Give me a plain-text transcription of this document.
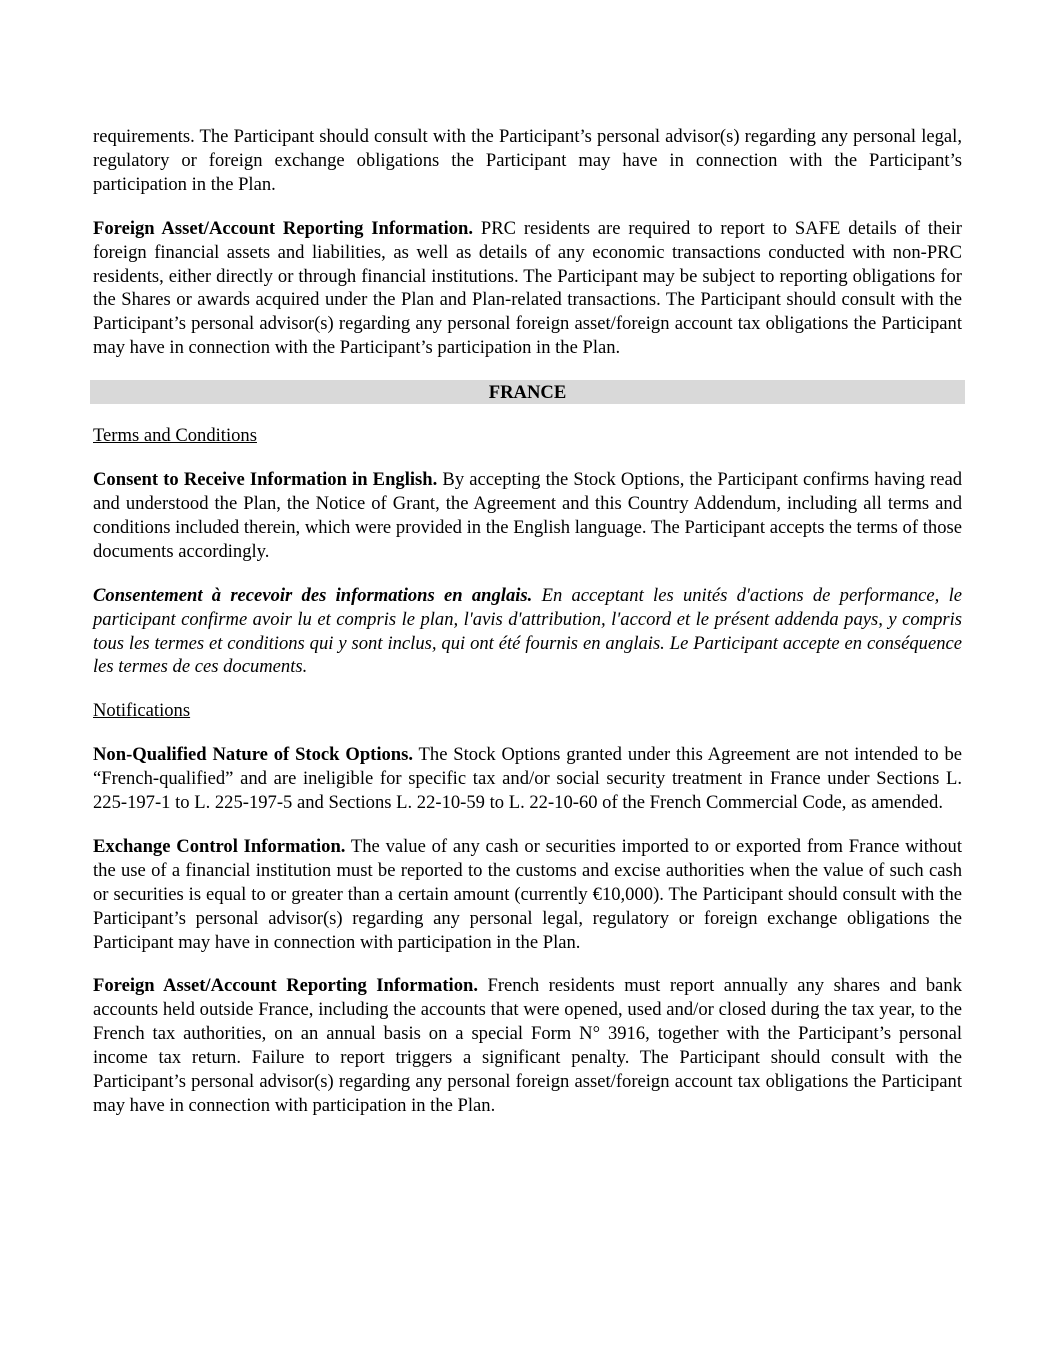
requirements. The Participant should consult with the Participant’s personal advisor(s) regarding any personal legal, regulatory or foreign exchange obligations the Participant may have in connection with the Participant’s participation in the Plan.

Foreign Asset/Account Reporting Information. PRC residents are required to report to SAFE details of their foreign financial assets and liabilities, as well as details of any economic transactions conducted with non-PRC residents, either directly or through financial institutions. The Participant may be subject to reporting obligations for the Shares or awards acquired under the Plan and Plan-related transactions. The Participant should consult with the Participant’s personal advisor(s) regarding any personal foreign asset/foreign account tax obligations the Participant may have in connection with the Participant’s participation in the Plan.

FRANCE
Terms and Conditions

Consent to Receive Information in English. By accepting the Stock Options, the Participant confirms having read and understood the Plan, the Notice of Grant, the Agreement and this Country Addendum, including all terms and conditions included therein, which were provided in the English language. The Participant accepts the terms of those documents accordingly.

Consentement à recevoir des informations en anglais. En acceptant les unités d'actions de performance, le participant confirme avoir lu et compris le plan, l'avis d'attribution, l'accord et le présent addenda pays, y compris tous les termes et conditions qui y sont inclus, qui ont été fournis en anglais. Le Participant accepte en conséquence les termes de ces documents.

Notifications

Non-Qualified Nature of Stock Options. The Stock Options granted under this Agreement are not intended to be “French-qualified” and are ineligible for specific tax and/or social security treatment in France under Sections L. 225-197-1 to L. 225-197-5 and Sections L. 22-10-59 to L. 22-10-60 of the French Commercial Code, as amended.

Exchange Control Information. The value of any cash or securities imported to or exported from France without the use of a financial institution must be reported to the customs and excise authorities when the value of such cash or securities is equal to or greater than a certain amount (currently €10,000). The Participant should consult with the Participant’s personal advisor(s) regarding any personal legal, regulatory or foreign exchange obligations the Participant may have in connection with participation in the Plan.

Foreign Asset/Account Reporting Information. French residents must report annually any shares and bank accounts held outside France, including the accounts that were opened, used and/or closed during the tax year, to the French tax authorities, on an annual basis on a special Form N° 3916, together with the Participant’s personal income tax return. Failure to report triggers a significant penalty. The Participant should consult with the Participant’s personal advisor(s) regarding any personal foreign asset/foreign account tax obligations the Participant may have in connection with participation in the Plan.
